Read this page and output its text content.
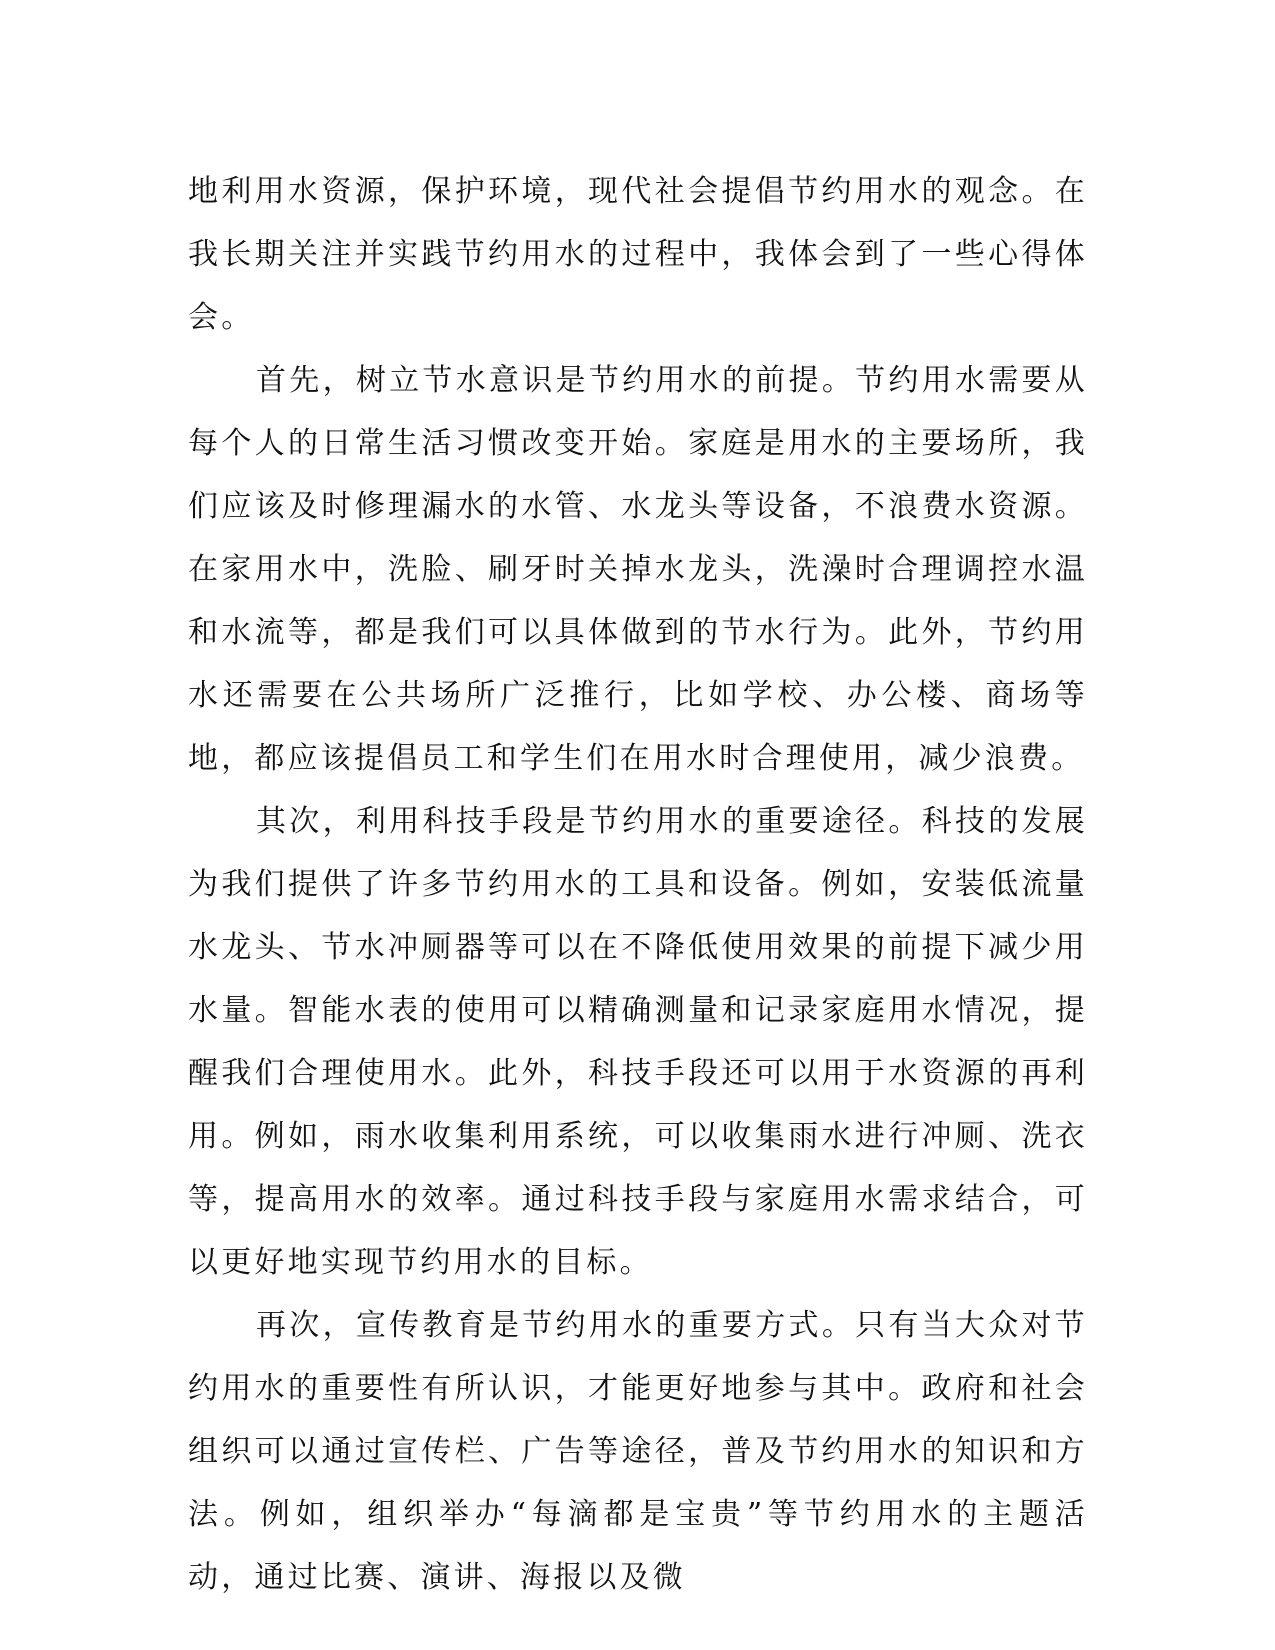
地利用水资源，保护环境，现代社会提倡节约用水的观念。在我长期关注并实践节约用水的过程中，我体会到了一些心得体会。

首先，树立节水意识是节约用水的前提。节约用水需要从每个人的日常生活习惯改变开始。家庭是用水的主要场所，我们应该及时修理漏水的水管、水龙头等设备，不浪费水资源。在家用水中，洗脸、刷牙时关掉水龙头，洗澡时合理调控水温和水流等，都是我们可以具体做到的节水行为。此外，节约用水还需要在公共场所广泛推行，比如学校、办公楼、商场等地，都应该提倡员工和学生们在用水时合理使用，减少浪费。

其次，利用科技手段是节约用水的重要途径。科技的发展为我们提供了许多节约用水的工具和设备。例如，安装低流量水龙头、节水冲厕器等可以在不降低使用效果的前提下减少用水量。智能水表的使用可以精确测量和记录家庭用水情况，提醒我们合理使用水。此外，科技手段还可以用于水资源的再利用。例如，雨水收集利用系统，可以收集雨水进行冲厕、洗衣等，提高用水的效率。通过科技手段与家庭用水需求结合，可以更好地实现节约用水的目标。

再次，宣传教育是节约用水的重要方式。只有当大众对节约用水的重要性有所认识，才能更好地参与其中。政府和社会组织可以通过宣传栏、广告等途径，普及节约用水的知识和方法。例如，组织举办“每滴都是宝贵”等节约用水的主题活动，通过比赛、演讲、海报以及微
